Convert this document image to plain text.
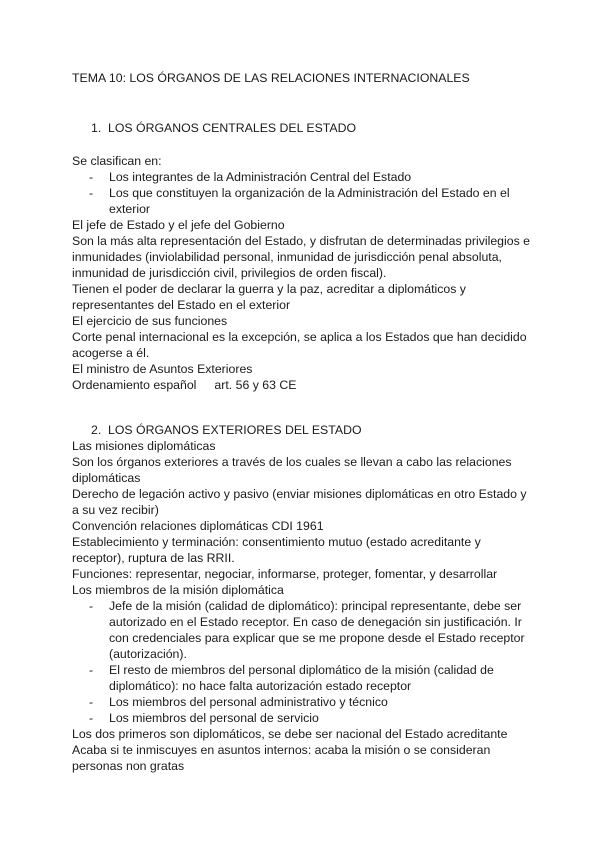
TEMA 10: LOS ÓRGANOS DE LAS RELACIONES INTERNACIONALES
1. LOS ÓRGANOS CENTRALES DEL ESTADO

Se clasifican en:

-	Los integrantes de la Administración Central del Estado
-	Los que constituyen la organización de la Administración del Estado en el exterior

El jefe de Estado y el jefe del Gobierno

Son la más alta representación del Estado, y disfrutan de determinadas privilegios e inmunidades (inviolabilidad personal, inmunidad de jurisdicción penal absoluta, inmunidad de jurisdicción civil, privilegios de orden fiscal).

Tienen el poder de declarar la guerra y la paz, acreditar a diplomáticos y representantes del Estado en el exterior

El ejercicio de sus funciones

Corte penal internacional es la excepción, se aplica a los Estados que han decidido acogerse a él.

El ministro de Asuntos Exteriores

Ordenamiento español art. 56 y 63 CE

2. LOS ÓRGANOS EXTERIORES DEL ESTADO

Las misiones diplomáticas

Son los órganos exteriores a través de los cuales se llevan a cabo las relaciones diplomáticas

Derecho de legación activo y pasivo (enviar misiones diplomáticas en otro Estado y a su vez recibir)

Convención relaciones diplomáticas CDI 1961

Establecimiento y terminación: consentimiento mutuo (estado acreditante y receptor), ruptura de las RRII.

Funciones: representar, negociar, informarse, proteger, fomentar, y desarrollar

Los miembros de la misión diplomática

-	Jefe de la misión (calidad de diplomático): principal representante, debe ser autorizado en el Estado receptor. En caso de denegación sin justificación. Ir con credenciales para explicar que se me propone desde el Estado receptor (autorización).
-	El resto de miembros del personal diplomático de la misión (calidad de diplomático): no hace falta autorización estado receptor
-	Los miembros del personal administrativo y técnico
-	Los miembros del personal de servicio

Los dos primeros son diplomáticos, se debe ser nacional del Estado acreditante

Acaba si te inmiscuyes en asuntos internos: acaba la misión o se consideran personas non gratas
